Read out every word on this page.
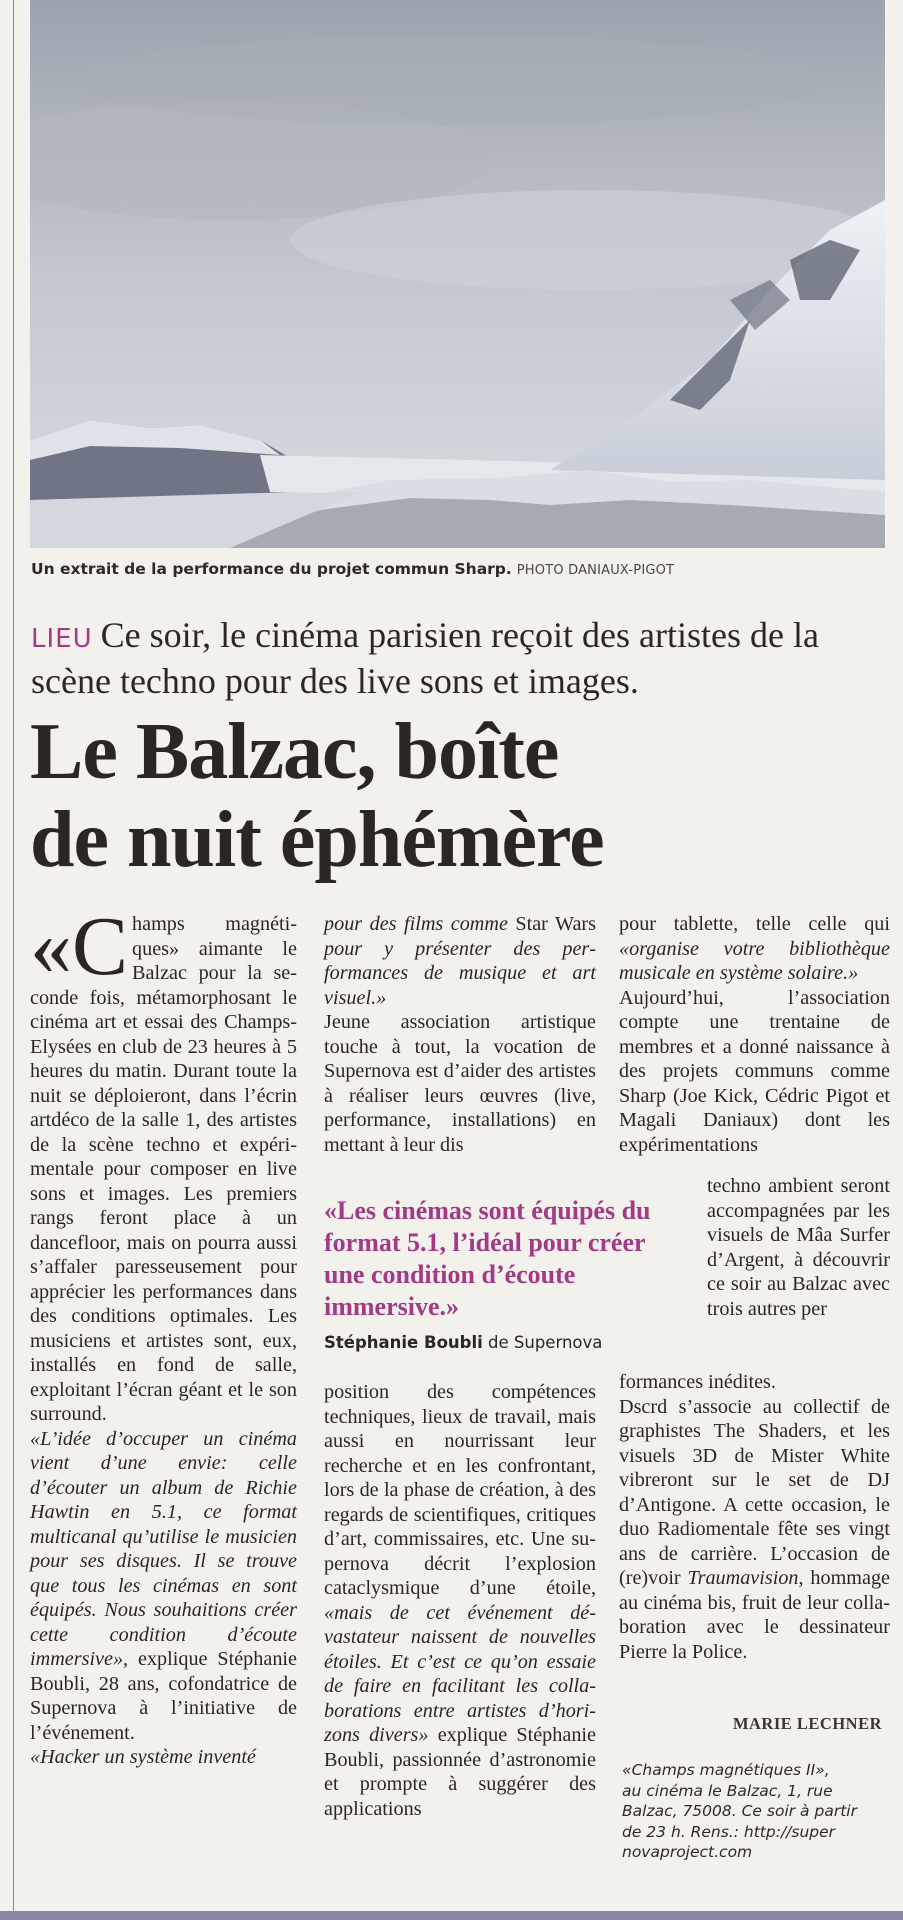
Un extrait de la performance du projet commun Sharp. PHOTO DANIAUX-PIGOT
LIEU Ce soir, le cinéma parisien reçoit des artistes de la scène techno pour des live sons et images.
Le Balzac, boîte
de nuit éphémère

«C hamps magnétiques» aimante le Balzac pour la seconde fois, métamorphosant le cinéma art et essai des Champs-Elysées en club de 23 heures à 5 heures du matin. Durant toute la nuit se déploieront, dans l’écrin artdéco de la salle 1, des artistes de la scène techno et expérimentale pour composer en live sons et images. Les premiers rangs feront place à un dancefloor, mais on pourra aussi s’affaler paresseusement pour apprécier les performances dans des conditions optimales. Les musiciens et artistes sont, eux, installés en fond de salle, exploitant l’écran géant et le son surround.

«L’idée d’occuper un cinéma vient d’une envie: celle d’écouter un album de Richie Hawtin en 5.1, ce format multicanal qu’utilise le musicien pour ses disques. Il se trouve que tous les cinémas en sont équipés. Nous souhaitions créer cette condition d’écoute immersive», explique Stéphanie Boubli, 28 ans, cofondatrice de Supernova à l’initiative de l’événement.

«Hacker un système inventé

pour des films comme Star Wars pour y présenter des performances de musique et art visuel.»

Jeune association artistique touche à tout, la vocation de Supernova est d’aider des artistes à réaliser leurs œuvres (live, performance, installations) en mettant à leur dis

«Les cinémas sont équipés du format 5.1, l’idéal pour créer une condition d’écoute immersive.»
Stéphanie Boubli de Supernova

position des compétences techniques, lieux de travail, mais aussi en nourrissant leur recherche et en les confrontant, lors de la phase de création, à des regards de scientifiques, critiques d’art, commissaires, etc. Une supernova décrit l’explosion cataclysmique d’une étoile, «mais de cet événement dévastateur naissent de nouvelles étoiles. Et c’est ce qu’on essaie de faire en facilitant les collaborations entre artistes d’horizons divers» explique Stéphanie Boubli, passionnée d’astronomie et prompte à suggérer des applications

pour tablette, telle celle qui «organise votre bibliothèque musicale en système solaire.»

Aujourd’hui, l’association compte une trentaine de membres et a donné naissance à des projets communs comme Sharp (Joe Kick, Cédric Pigot et Magali Daniaux) dont les expérimentations

techno ambient seront accompagnées par les visuels de Mâa Surfer d’Argent, à découvrir ce soir au Balzac avec trois autres per

formances inédites.

Dscrd s’associe au collectif de graphistes The Shaders, et les visuels 3D de Mister White vibreront sur le set de DJ d’Antigone. A cette occasion, le duo Radiomentale fête ses vingt ans de carrière. L’occasion de (re)voir Traumavision, hommage au cinéma bis, fruit de leur collaboration avec le dessinateur Pierre la Police.

MARIE LECHNER
«Champs magnétiques II»,
au cinéma le Balzac, 1, rue
Balzac, 75008. Ce soir à partir
de 23 h. Rens.: http://super
novaproject.com
